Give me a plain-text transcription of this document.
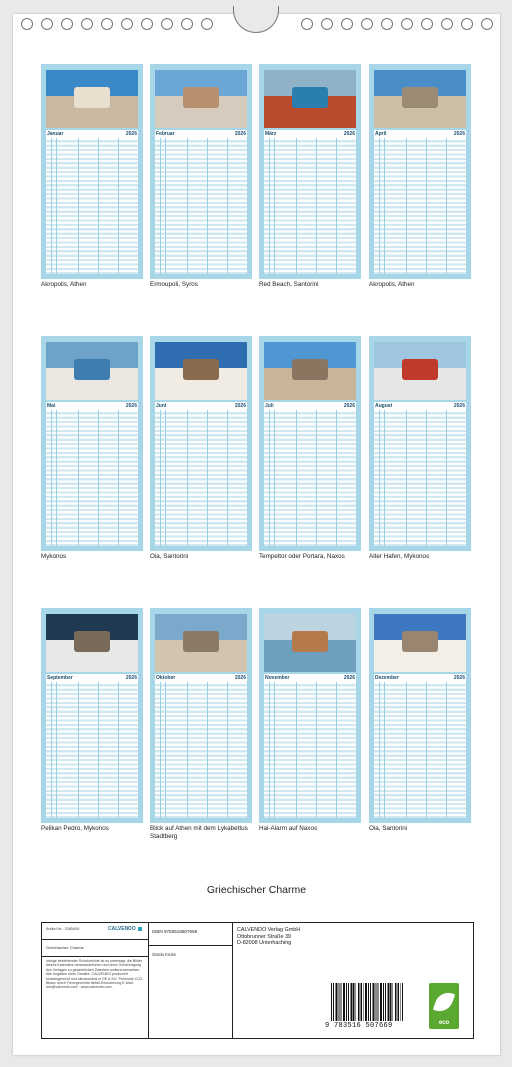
Januar	2026
Akropolis, Athen
Februar	2026
Ermoupoli, Syros
März	2026
Red Beach, Santorini
April	2026
Akropolis, Athen
Mai	2026
Mykonos
Juni	2026
Oia, Santorini
Juli	2026
Tempeltor oder Portara, Naxos
August	2026
Alter Hafen, Mykonos
September	2026
Pelikan Pedro, Mykonos
Oktober	2026
Blick auf Athen mit dem Lykabettus Stadtberg
November	2026
Hai-Alarm auf Naxos
Dezember	2026
Oia, Santorini
Griechischer Charme
Artikel Nr.: 2085405	CALVENDO
Griechischer Charme
Infolge bestehender Schutzrechte ist es untersagt, die Bilder dieses Kalenders herauszutrennen und ohne Genehmigung des Verlages zu gewerblichen Zwecken weiterzuverwerten. Alle Angaben ohne Gewähr. CALVENDO produziert bedarfsgerecht und klimaneutral in DE & EU. Preisnote CO2-Bilanz durch Trenngerechte Abfall-Reduzierung E-Mail: info@calvendo.com · www.calvendo.com
ISBN 9783516507669
Gisela Kruse
CALVENDO Verlag GmbH
Ottobrunner Straße 39
D-82008 Unterhaching
9 783516 507669	eco
